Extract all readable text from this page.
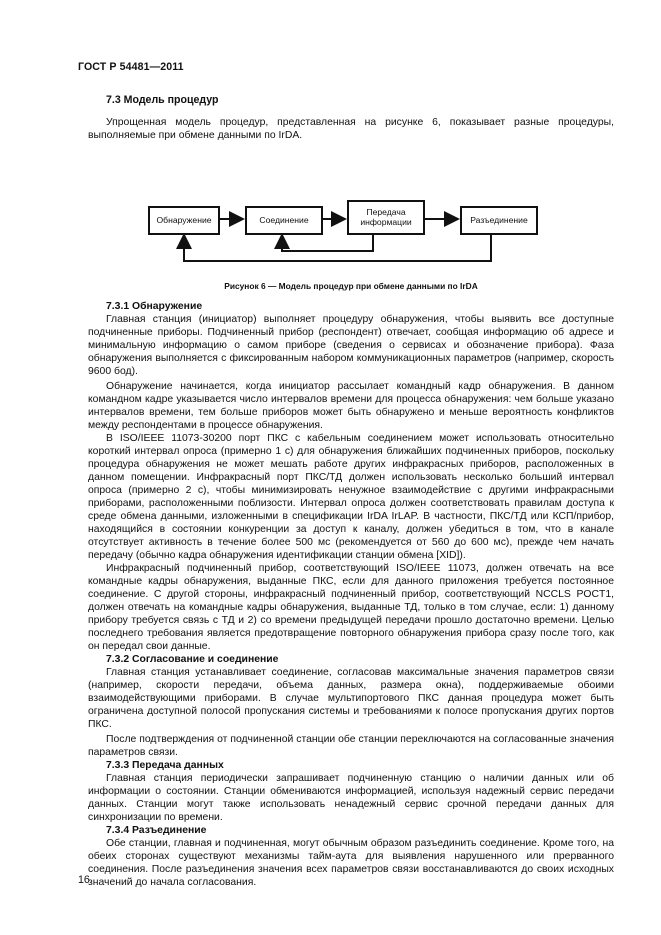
ГОСТ Р 54481—2011
7.3 Модель процедур

Упрощенная модель процедур, представленная на рисунке 6, показывает разные процедуры, выполняемые при обмене данными по IrDA.

Обнаружение	Соединение
Передача информации	Разъединение
Рисунок 6 — Модель процедур при обмене данными по IrDA
7.3.1 Обнаружение

Главная станция (инициатор) выполняет процедуру обнаружения, чтобы выявить все доступные подчиненные приборы. Подчиненный прибор (респондент) отвечает, сообщая информацию об адресе и минимальную информацию о самом приборе (сведения о сервисах и обозначение прибора). Фаза обнаружения выполняется с фиксированным набором коммуникационных параметров (например, скорость 9600 бод).

Обнаружение начинается, когда инициатор рассылает командный кадр обнаружения. В данном командном кадре указывается число интервалов времени для процесса обнаружения: чем больше указано интервалов времени, тем больше приборов может быть обнаружено и меньше вероятность конфликтов между респондентами в процессе обнаружения.

В ISO/IEEE 11073-30200 порт ПКС с кабельным соединением может использовать относительно короткий интервал опроса (примерно 1 с) для обнаружения ближайших подчиненных приборов, поскольку процедура обнаружения не может мешать работе других инфракрасных приборов, расположенных в данном помещении. Инфракрасный порт ПКС/ТД должен использовать несколько больший интервал опроса (примерно 2 с), чтобы минимизировать ненужное взаимодействие с другими инфракрасными приборами, расположенными поблизости. Интервал опроса должен соответствовать правилам доступа к среде обмена данными, изложенными в спецификации IrDA IrLAP. В частности, ПКС/ТД или КСП/прибор, находящийся в состоянии конкуренции за доступ к каналу, должен убедиться в том, что в канале отсутствует активность в течение более 500 мс (рекомендуется от 560 до 600 мс), прежде чем начать передачу (обычно кадра обнаружения идентификации станции обмена [XID]).

Инфракрасный подчиненный прибор, соответствующий ISO/IEEE 11073, должен отвечать на все командные кадры обнаружения, выданные ПКС, если для данного приложения требуется постоянное соединение. С другой стороны, инфракрасный подчиненный прибор, соответствующий NCCLS POCT1, должен отвечать на командные кадры обнаружения, выданные ТД, только в том случае, если: 1) данному прибору требуется связь с ТД и 2) со времени предыдущей передачи прошло достаточно времени. Целью последнего требования является предотвращение повторного обнаружения прибора сразу после того, как он передал свои данные.

7.3.2 Согласование и соединение

Главная станция устанавливает соединение, согласовав максимальные значения параметров связи (например, скорости передачи, объема данных, размера окна), поддерживаемые обоими взаимодействующими приборами. В случае мультипортового ПКС данная процедура может быть ограничена доступной полосой пропускания системы и требованиями к полосе пропускания других портов ПКС.

После подтверждения от подчиненной станции обе станции переключаются на согласованные значения параметров связи.

7.3.3 Передача данных

Главная станция периодически запрашивает подчиненную станцию о наличии данных или об информации о состоянии. Станции обмениваются информацией, используя надежный сервис передачи данных. Станции могут также использовать ненадежный сервис срочной передачи данных для синхронизации по времени.

7.3.4 Разъединение

Обе станции, главная и подчиненная, могут обычным образом разъединить соединение. Кроме того, на обеих сторонах существуют механизмы тайм-аута для выявления нарушенного или прерванного соединения. После разъединения значения всех параметров связи восстанавливаются до своих исходных значений до начала согласования.

16
